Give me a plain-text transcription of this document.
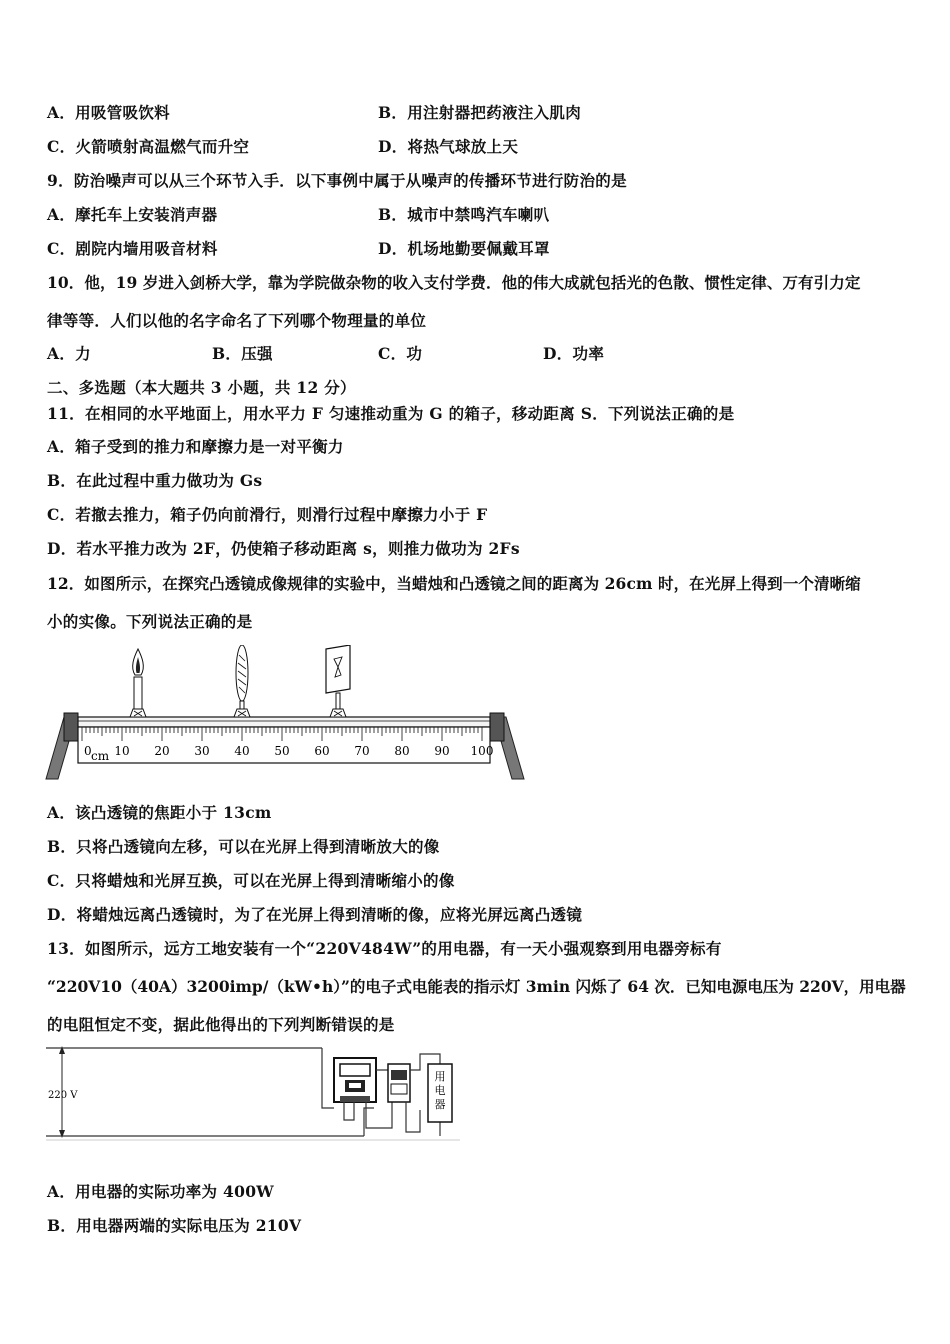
A．用吸管吸饮料	B．用注射器把药液注入肌肉
C．火箭喷射高温燃气而升空	D．将热气球放上天
9．防治噪声可以从三个环节入手．以下事例中属于从噪声的传播环节进行防治的是
A．摩托车上安装消声器	B．城市中禁鸣汽车喇叭
C．剧院内墙用吸音材料	D．机场地勤要佩戴耳罩
10．他，19 岁进入剑桥大学，靠为学院做杂物的收入支付学费．他的伟大成就包括光的色散、惯性定律、万有引力定
律等等．人们以他的名字命名了下列哪个物理量的单位
A．力	B．压强	C．功	D．功率
二、多选题（本大题共 3 小题，共 12 分）
11．在相同的水平地面上，用水平力 F 匀速推动重为 G 的箱子，移动距离 S．下列说法正确的是
A．箱子受到的推力和摩擦力是一对平衡力
B．在此过程中重力做功为 Gs
C．若撤去推力，箱子仍向前滑行，则滑行过程中摩擦力小于 F
D．若水平推力改为 2F，仍使箱子移动距离 s，则推力做功为 2Fs
12．如图所示，在探究凸透镜成像规律的实验中，当蜡烛和凸透镜之间的距离为 26cm 时，在光屏上得到一个清晰缩
小的实像。下列说法正确的是
0 10 20 30 40 50 60 70 80 90 100
cm
A．该凸透镜的焦距小于 13cm
B．只将凸透镜向左移，可以在光屏上得到清晰放大的像
C．只将蜡烛和光屏互换，可以在光屏上得到清晰缩小的像
D．将蜡烛远离凸透镜时，为了在光屏上得到清晰的像，应将光屏远离凸透镜
13．如图所示，远方工地安装有一个“220V484W”的用电器，有一天小强观察到用电器旁标有
“220V10（40A）3200imp/（kW•h）”的电子式电能表的指示灯 3min 闪烁了 64 次．已知电源电压为 220V，用电器
的电阻恒定不变，据此他得出的下列判断错误的是
220 V
用电器
A．用电器的实际功率为 400W
B．用电器两端的实际电压为 210V
